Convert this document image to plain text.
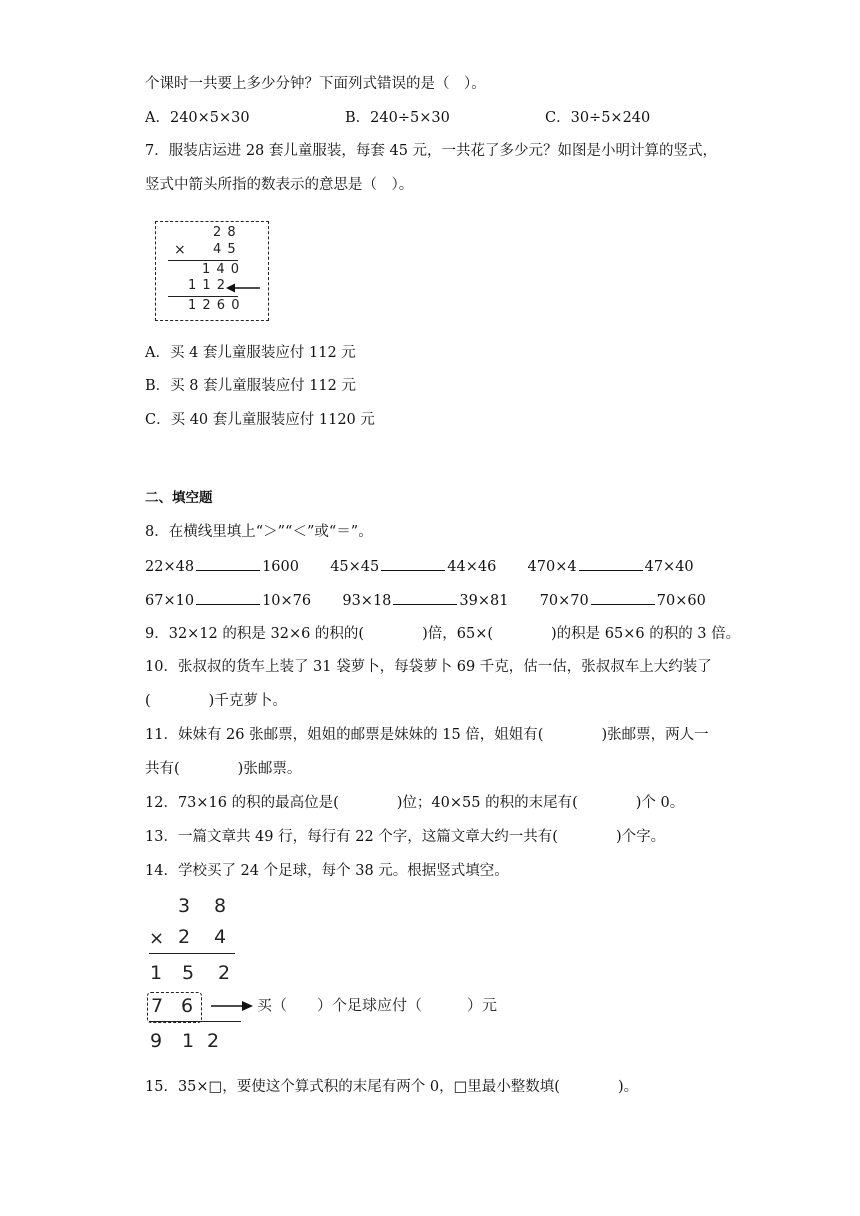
个课时一共要上多少分钟？下面列式错误的是（　）。
A．240×5×30	B．240÷5×30	C．30÷5×240
7．服装店运进 28 套儿童服装，每套 45 元，一共花了多少元？如图是小明计算的竖式，
竖式中箭头所指的数表示的意思是（　）。
2 8
× 4 5
1 4 0
1 1 2
1 2 6 0
A．买 4 套儿童服装应付 112 元
B．买 8 套儿童服装应付 112 元
C．买 40 套儿童服装应付 1120 元
二、填空题
8．在横线里填上“＞”“＜”或“＝”。
22×48	1600 45×45	44×46 470×4	47×40
67×10	10×76 93×18	39×81 70×70	70×60
9．32×12 的积是 32×6 的积的(　　　　)倍，65×(　　　　)的积是 65×6 的积的 3 倍。
10．张叔叔的货车上装了 31 袋萝卜，每袋萝卜 69 千克，估一估，张叔叔车上大约装了
(　　　　)千克萝卜。
11．妹妹有 26 张邮票，姐姐的邮票是妹妹的 15 倍，姐姐有(　　　　)张邮票，两人一
共有(　　　　)张邮票。
12．73×16 的积的最高位是(　　　　)位；40×55 的积的末尾有(　　　　)个 0。
13．一篇文章共 49 行，每行有 22 个字，这篇文章大约一共有(　　　　)个字。
14．学校买了 24 个足球，每个 38 元。根据竖式填空。
3 8
× 2 4
1 5 2
7 6	买（　　）个足球应付（　　　）元
9 1 2
15．35×□，要使这个算式积的末尾有两个 0，□里最小整数填(　　　　)。
